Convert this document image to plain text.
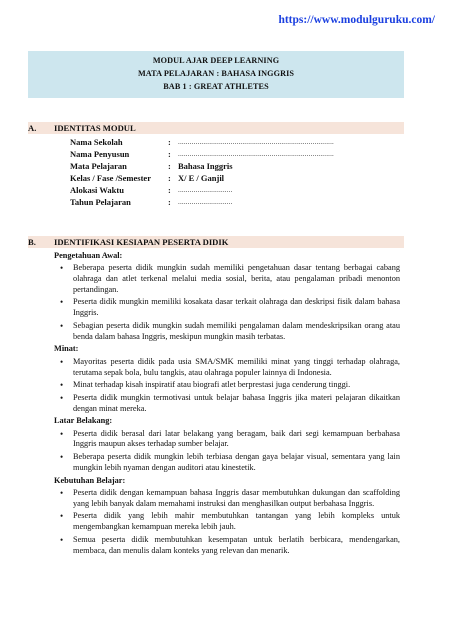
https://www.modulguruku.com/
MODUL AJAR DEEP LEARNING
MATA PELAJARAN : BAHASA INGGRIS
BAB 1 : GREAT ATHLETES
A. IDENTITAS MODUL
Nama Sekolah	: ................................................................................
Nama Penyusun	: ................................................................................
Mata Pelajaran	: Bahasa Inggris
Kelas / Fase /Semester : X/ E / Ganjil
Alokasi Waktu	: ............................
Tahun Pelajaran	: ............................
B. IDENTIFIKASI KESIAPAN PESERTA DIDIK
Pengetahuan Awal:
• Beberapa peserta didik mungkin sudah memiliki pengetahuan dasar tentang berbagai cabang olahraga dan atlet terkenal melalui media sosial, berita, atau pengalaman pribadi menonton pertandingan.
• Peserta didik mungkin memiliki kosakata dasar terkait olahraga dan deskripsi fisik dalam bahasa Inggris.
• Sebagian peserta didik mungkin sudah memiliki pengalaman dalam mendeskripsikan orang atau benda dalam bahasa Inggris, meskipun mungkin masih terbatas.
Minat:
• Mayoritas peserta didik pada usia SMA/SMK memiliki minat yang tinggi terhadap olahraga, terutama sepak bola, bulu tangkis, atau olahraga populer lainnya di Indonesia.
• Minat terhadap kisah inspiratif atau biografi atlet berprestasi juga cenderung tinggi.
• Peserta didik mungkin termotivasi untuk belajar bahasa Inggris jika materi pelajaran dikaitkan dengan minat mereka.
Latar Belakang:
• Peserta didik berasal dari latar belakang yang beragam, baik dari segi kemampuan berbahasa Inggris maupun akses terhadap sumber belajar.
• Beberapa peserta didik mungkin lebih terbiasa dengan gaya belajar visual, sementara yang lain mungkin lebih nyaman dengan auditori atau kinestetik.
Kebutuhan Belajar:
• Peserta didik dengan kemampuan bahasa Inggris dasar membutuhkan dukungan dan scaffolding yang lebih banyak dalam memahami instruksi dan menghasilkan output berbahasa Inggris.
• Peserta didik yang lebih mahir membutuhkan tantangan yang lebih kompleks untuk mengembangkan kemampuan mereka lebih jauh.
• Semua peserta didik membutuhkan kesempatan untuk berlatih berbicara, mendengarkan, membaca, dan menulis dalam konteks yang relevan dan menarik.
